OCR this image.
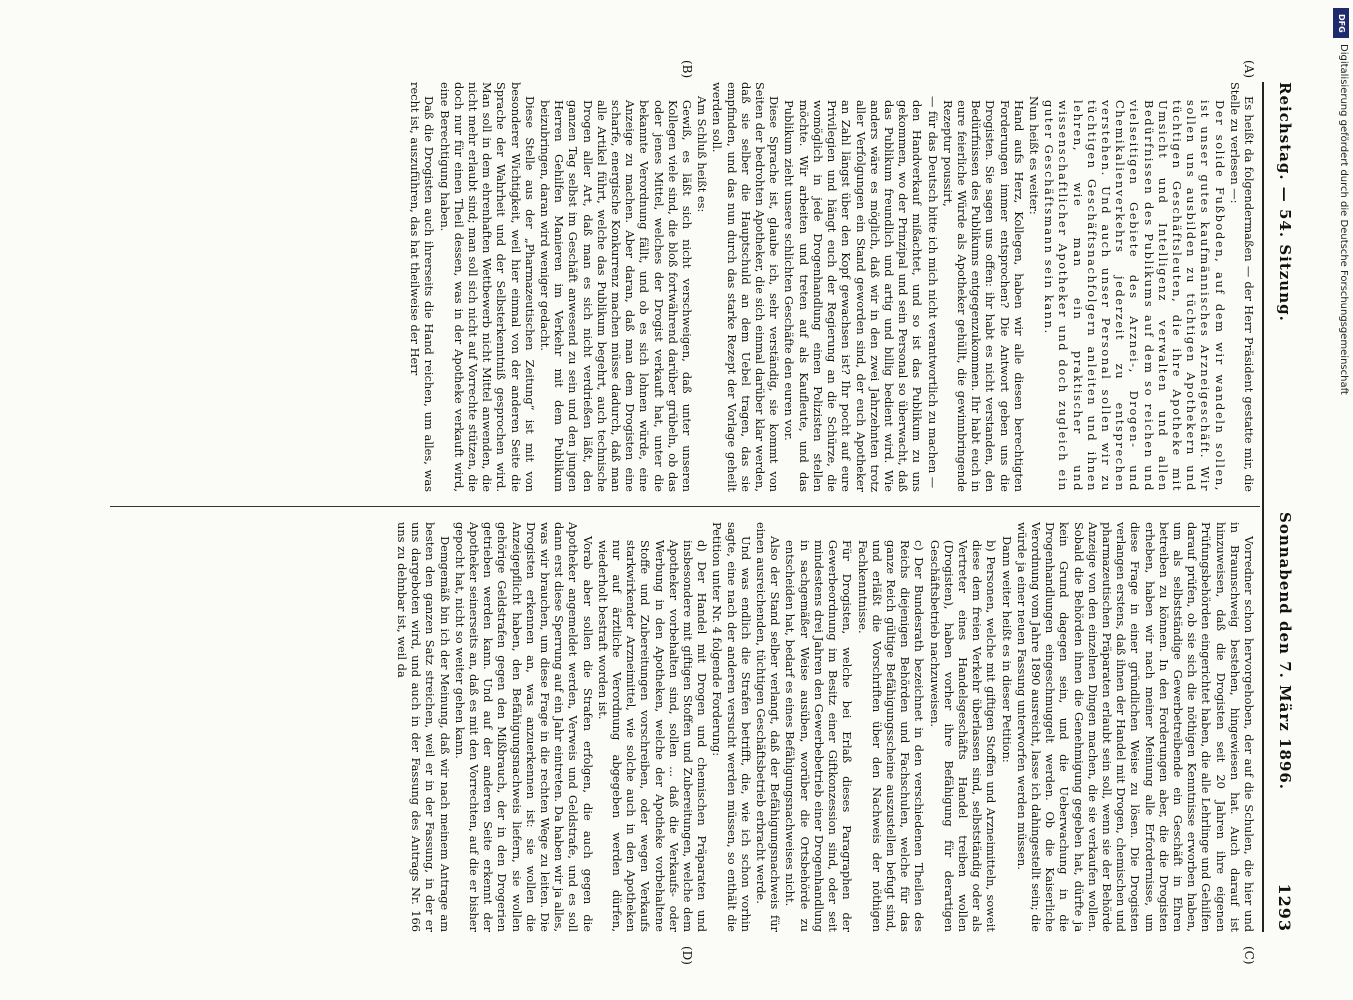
Reichstag. — 54. Sitzung.
Sonnabend den 7. März 1896.
1293
(A)
(B)
(C)
(D)

Es heißt da folgendermaßen — der Herr Präsident gestatte mir, die Stelle zu verlesen —:

Der solide Fußboden, auf dem wir wandeln sollen, ist unser gutes kaufmännisches Arzneigeschäft. Wir sollen uns ausbilden zu tüchtigen Apothekern und tüchtigen Geschäftsleuten, die ihre Apotheke mit Umsicht und Intelligenz verwalten und allen Bedürfnissen des Publikums auf dem so reichen und vielseitigen Gebiete des Arznei-, Drogen- und Chemikalienverkehrs jederzeit zu entsprechen verstehen. Und auch unser Personal sollen wir zu tüchtigen Geschäftsnachfolgern anleiten und ihnen lehren, wie man ein praktischer und wissenschaftlicher Apotheker und doch zugleich ein guter Geschäftsmann sein kann.

Nun heißt es weiter:

Hand aufs Herz, Kollegen, haben wir alle diesen berechtigten Forderungen immer entsprochen? Die Antwort geben uns die Drogisten. Sie sagen uns offen: ihr habt es nicht verstanden, den Bedürfnissen des Publikums entgegenzukommen. Ihr habt euch in eure feierliche Würde als Apotheker gehüllt, die gewinnbringende Rezeptur poussirt,

— für das Deutsch bitte ich mich nicht verantwortlich zu machen —

den Handverkauf mißachtet, und so ist das Publikum zu uns gekommen, wo der Prinzipal und sein Personal so überwacht, daß das Publikum freundlich und artig und billig bedient wird. Wie anders wäre es möglich, daß wir in den zwei Jahrzehnten trotz aller Verfolgungen ein Stand geworden sind, der euch Apotheker an Zahl längst über den Kopf gewachsen ist? Ihr pocht auf eure Privilegien und hängt euch der Regierung an die Schürze, die womöglich in jede Drogenhandlung einen Polizisten stellen möchte. Wir arbeiten und treten auf als Kaufleute, und das Publikum zieht unsere schlichten Geschäfte den euren vor.

Diese Sprache ist, glaube ich, sehr verständig, sie kommt von Seiten der bedrohten Apotheker, die sich einmal darüber klar werden, daß sie selber die Hauptschuld an dem Uebel tragen, das sie empfinden, und das nun durch das starke Rezept der Vorlage geheilt werden soll.

Am Schluß heißt es:

Gewiß, es läßt sich nicht verschweigen, daß unter unseren Kollegen viele sind, die bloß fortwährend darüber grübeln, ob das oder jenes Mittel, welches der Drogist verkauft hat, unter die bekannte Verordnung fällt, und ob es sich lohnen würde, eine Anzeige zu machen. Aber daran, daß man dem Drogisten eine scharfe, energische Konkurrenz machen müsse dadurch, daß man alle Artikel führt, welche das Publikum begehrt, auch technische Drogen aller Art, daß man es sich nicht verdrießen läßt, den ganzen Tag selbst im Geschäft anwesend zu sein und den jungen Herren Gehilfen Manieren im Verkehr mit dem Publikum beizubringen, daran wird weniger gedacht.

Diese Stelle aus der „Pharmazeutischen Zeitung“ ist mit von besonderer Wichtigkeit, weil hier einmal von der anderen Seite die Sprache der Wahrheit und der Selbsterkenntniß gesprochen wird. Man soll in dem ehrenhaften Wettbewerb nicht Mittel anwenden, die nicht mehr erlaubt sind; man soll sich nicht auf Vorrechte stützen, die doch nur für einen Theil dessen, was in der Apotheke verkauft wird, eine Berechtigung haben.

Daß die Drogisten auch ihrerseits die Hand reichen, um alles, was recht ist, auszuführen, das hat theilweise der Herr

Vorredner schon hervorgehoben, der auf die Schulen, die hier und in Braunschweig bestehen, hingewiesen hat. Auch darauf ist hinzuweisen, daß die Drogisten seit 20 Jahren ihre eigenen Prüfungsbehörden eingerichtet haben, die alle Lehrlinge und Gehilfen darauf prüfen, ob sie sich die nöthigen Kenntnisse erworben haben, um als selbstständige Gewerbetreibende ein Geschäft in Ehren betreiben zu können. In den Forderungen aber, die die Drogisten erheben, haben wir nach meiner Meinung alle Erfordernisse, um diese Frage in einer gründlichen Weise zu lösen. Die Drogisten verlangen erstens, daß ihnen der Handel mit Drogen, chemischen und pharmazeutischen Präparaten erlaubt sein soll, wenn sie der Behörde Anzeige von den einzelnen Dingen machen, die sie verkaufen wollen. Sobald die Behörden ihnen die Genehmigung gegeben hat, dürfte ja kein Grund dagegen sein, und die Ueberwachung in die Drogenhandlungen eingeschmuggelt werden. Ob die Kaiserliche Verordnung vom Jahre 1890 ausreicht, lasse ich dahingestellt sein; die würde ja einer neuen Fassung unterworfen werden müssen.

Dann weiter heißt es in dieser Petition:

b) Personen, welche mit giftigen Stoffen und Arzneimitteln, soweit diese dem freien Verkehr überlassen sind, selbstständig oder als Vertreter eines Handelsgeschäfts Handel treiben wollen (Drogisten), haben vorher ihre Befähigung für derartigen Geschäftsbetrieb nachzuweisen.

c) Der Bundesrath bezeichnet in den verschiedenen Theilen des Reichs diejenigen Behörden und Fachschulen, welche für das ganze Reich gültige Befähigungsscheine auszustellen befugt sind, und erläßt die Vorschriften über den Nachweis der nöthigen Fachkenntnisse.

Für Drogisten, welche bei Erlaß dieses Paragraphen der Gewerbeordnung im Besitz einer Giftkonzession sind, oder seit mindestens drei Jahren den Gewerbebetrieb einer Drogenhandlung in sachgemäßer Weise ausüben, worüber die Ortsbehörde zu entscheiden hat, bedarf es eines Befähigungsnachweises nicht.

Also der Stand selber verlangt, daß der Befähigungsnachweis für einen ausreichenden, tüchtigen Geschäftsbetrieb erbracht werde.

Und was endlich die Strafen betrifft, die, wie ich schon vorhin sagte, eine nach der anderen versucht werden müssen, so enthält die Petition unter Nr. 4 folgende Forderung:

d) Der Handel mit Drogen und chemischen Präparaten und insbesondere mit giftigen Stoffen und Zubereitungen, welche dem Apotheker vorbehalten sind, sollen ... daß die Verkaufs- oder Werbung in den Apotheken, welche der Apotheke vorbehaltene Stoffe und Zubereitungen vorschreiben, oder wegen Verkaufs starkwirkender Arzneimittel, wie solche auch in den Apotheken nur auf ärztliche Verordnung abgegeben werden dürfen, wiederholt bestraft worden ist.

Vorab aber sollen die Strafen erfolgen, die auch gegen die Apotheker angemeldet werden, Verweis und Geldstrafe, und es soll dann erst diese Sperrung auf ein Jahr eintreten. Da haben wir ja alles, was wir brauchen, um diese Frage in die rechten Wege zu leiten. Die Drogisten erkennen an, was anzuerkennen ist: sie wollen die Anzeigepflicht haben, den Befähigungsnachweis liefern, sie wollen gehörige Geldstrafen gegen den Mißbrauch, der in den Drogerien getrieben werden kann. Und auf der anderen Seite erkennt der Apotheker seinerseits an, daß es mit den Vorrechten, auf die er bisher gepocht hat, nicht so weiter gehen kann.

Demgemäß bin ich der Meinung, daß wir nach meinem Antrage am besten den ganzen Satz streichen, weil er in der Fassung, in der er uns dargeboten wird, und auch in der Fassung des Antrags Nr. 166 uns zu dehnbar ist, weil da

DFG
Digitalisierung gefördert durch die Deutsche Forschungsgemeinschaft
